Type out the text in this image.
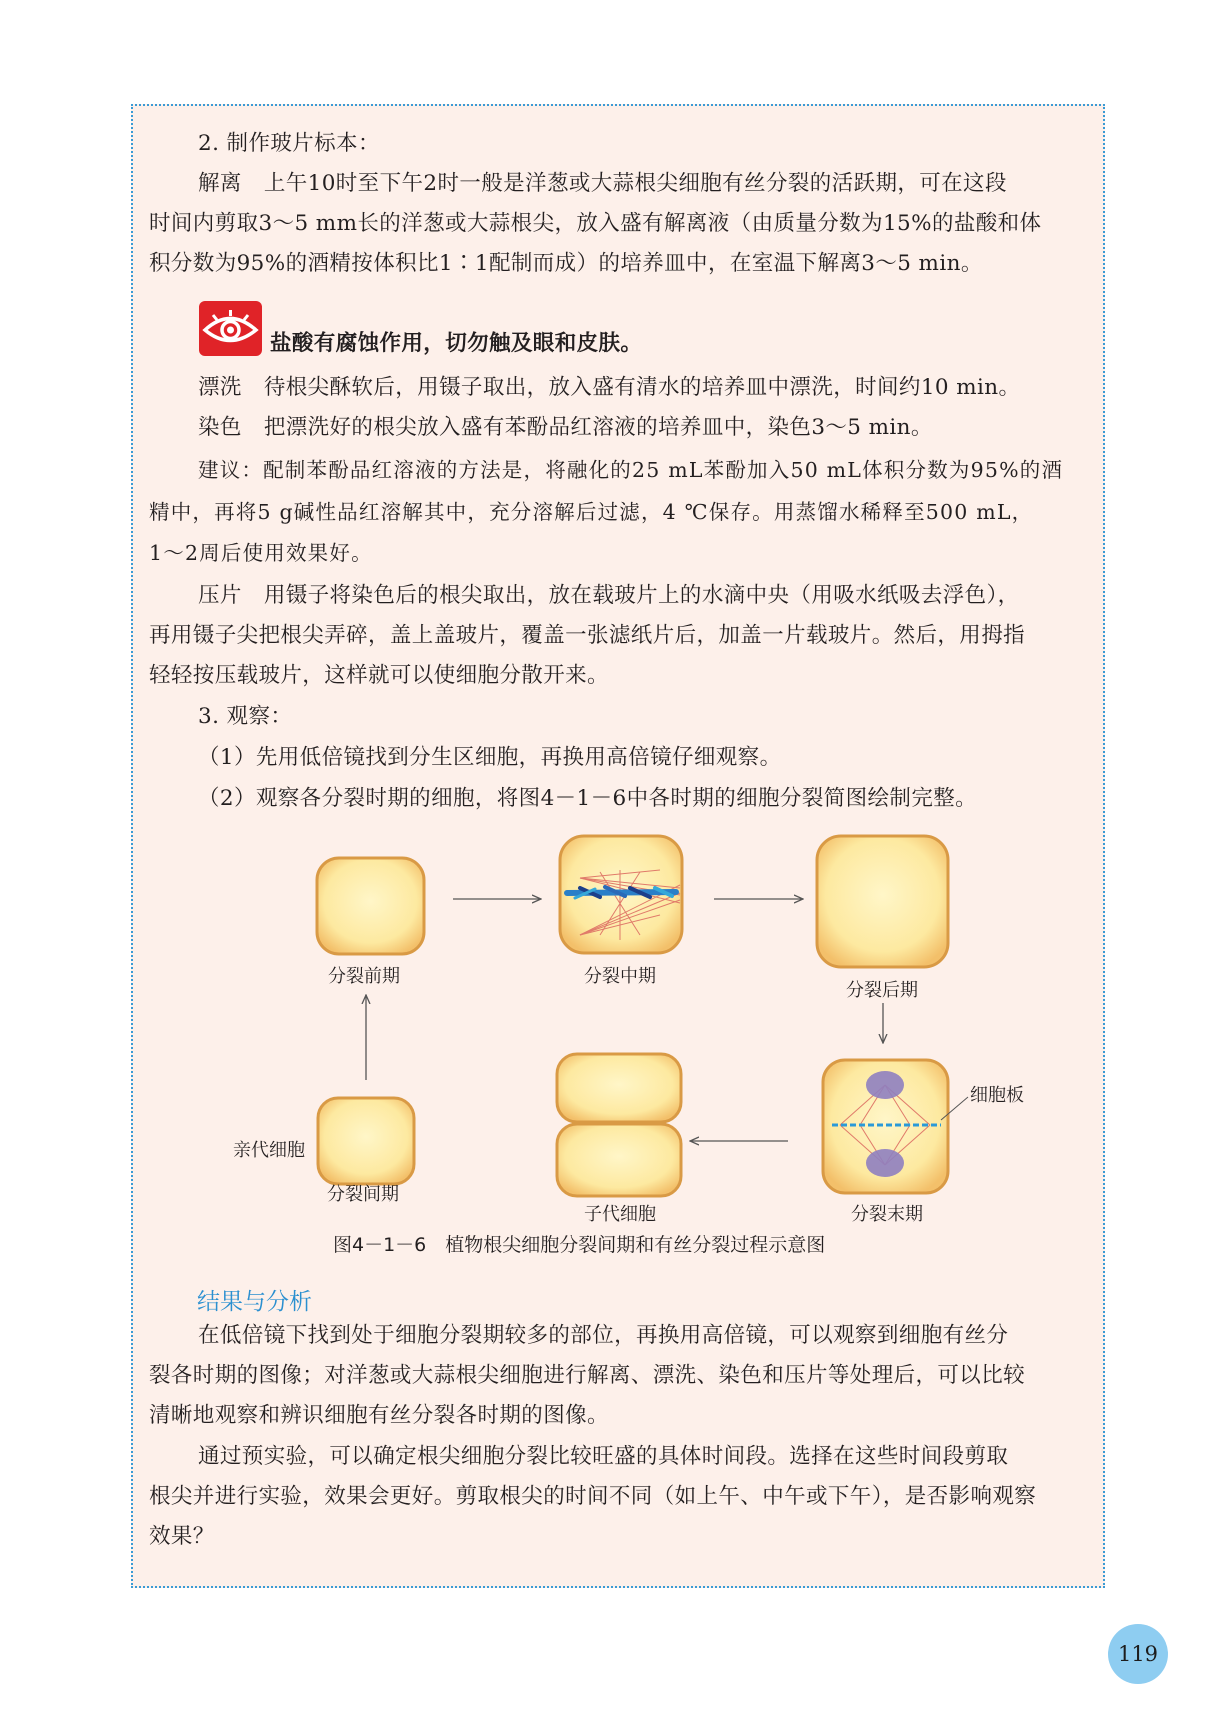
2. 制作玻片标本：
解离 上午10时至下午2时一般是洋葱或大蒜根尖细胞有丝分裂的活跃期，可在这段
时间内剪取3～5 mm长的洋葱或大蒜根尖，放入盛有解离液（由质量分数为15%的盐酸和体
积分数为95%的酒精按体积比1∶1配制而成）的培养皿中，在室温下解离3～5 min。
盐酸有腐蚀作用，切勿触及眼和皮肤。
漂洗 待根尖酥软后，用镊子取出，放入盛有清水的培养皿中漂洗，时间约10 min。
染色 把漂洗好的根尖放入盛有苯酚品红溶液的培养皿中，染色3～5 min。
建议：配制苯酚品红溶液的方法是，将融化的25 mL苯酚加入50 mL体积分数为95%的酒
精中，再将5 g碱性品红溶解其中，充分溶解后过滤，4 ℃保存。用蒸馏水稀释至500 mL，
1～2周后使用效果好。
压片 用镊子将染色后的根尖取出，放在载玻片上的水滴中央（用吸水纸吸去浮色），
再用镊子尖把根尖弄碎，盖上盖玻片，覆盖一张滤纸片后，加盖一片载玻片。然后，用拇指
轻轻按压载玻片，这样就可以使细胞分散开来。
3. 观察：
（1）先用低倍镜找到分生区细胞，再换用高倍镜仔细观察。
（2）观察各分裂时期的细胞，将图4－1－6中各时期的细胞分裂简图绘制完整。
分裂前期	分裂中期
分裂后期
细胞板
亲代细胞
分裂间期
子代细胞	分裂末期
图4－1－6　植物根尖细胞分裂间期和有丝分裂过程示意图
结果与分析
在低倍镜下找到处于细胞分裂期较多的部位，再换用高倍镜，可以观察到细胞有丝分
裂各时期的图像；对洋葱或大蒜根尖细胞进行解离、漂洗、染色和压片等处理后，可以比较
清晰地观察和辨识细胞有丝分裂各时期的图像。
通过预实验，可以确定根尖细胞分裂比较旺盛的具体时间段。选择在这些时间段剪取
根尖并进行实验，效果会更好。剪取根尖的时间不同（如上午、中午或下午），是否影响观察
效果？
119
